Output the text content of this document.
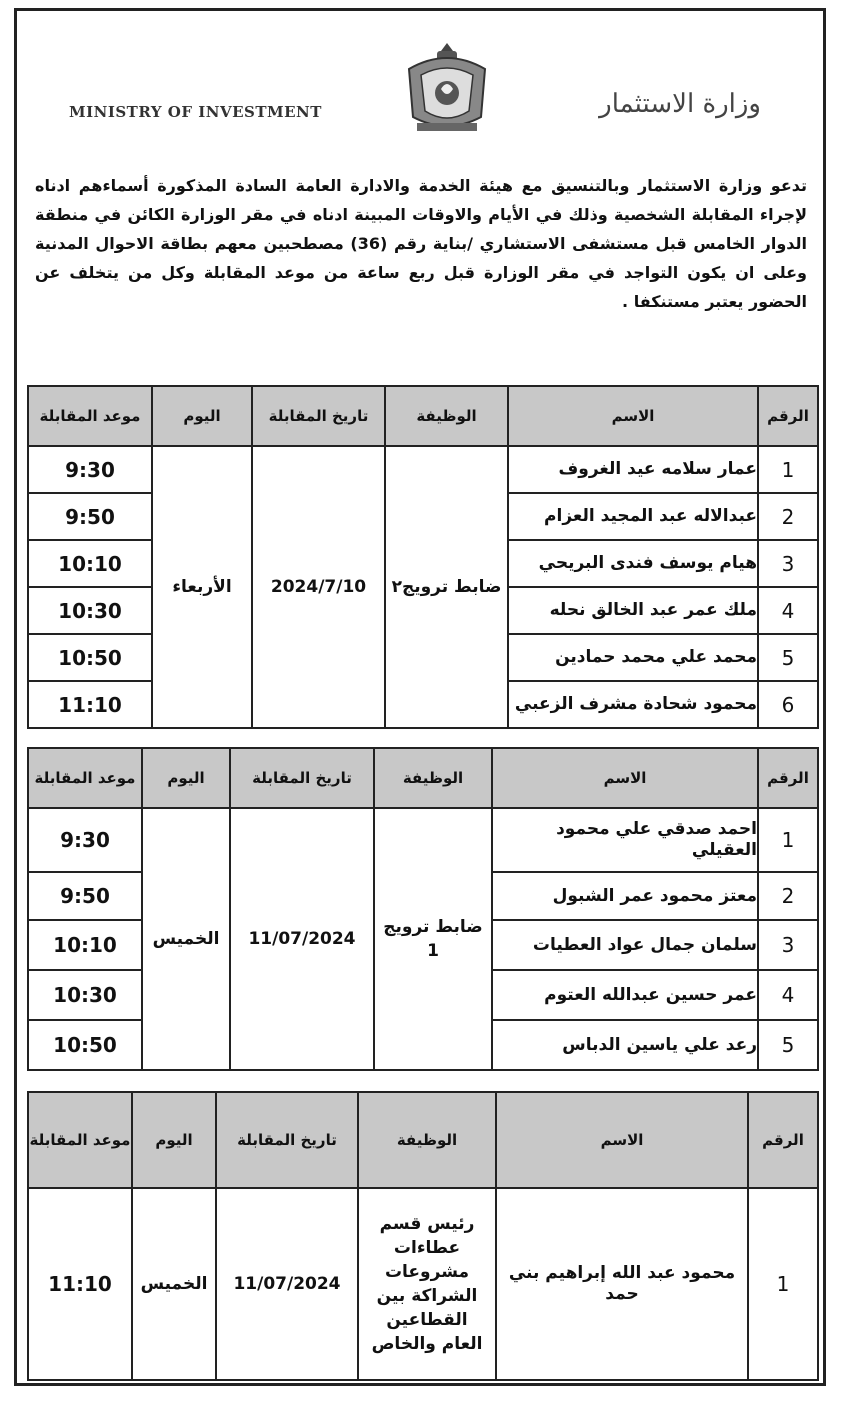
MINISTRY OF INVESTMENT	وزارة الاستثمار

تدعو وزارة الاستثمار وبالتنسيق مع هيئة الخدمة والادارة العامة السادة المذكورة أسماءهم ادناه لإجراء المقابلة الشخصية وذلك في الأيام والاوقات المبينة ادناه في مقر الوزارة الكائن في منطقة الدوار الخامس قبل مستشفى الاستشاري /بناية رقم (36) مصطحبين معهم بطاقة الاحوال المدنية وعلى ان يكون التواجد في مقر الوزارة قبل ربع ساعة من موعد المقابلة وكل من يتخلف عن الحضور يعتبر مستنكفا .

الرقم	الاسم	الوظيفة	تاريخ المقابلة	اليوم	موعد المقابلة
1	عمار سلامه عيد الغروف	ضابط ترويج٢	2024/7/10	الأربعاء	9:30
2	عبدالاله عبد المجيد العزام				9:50
3	هيام يوسف فندى البريحي				10:10
4	ملك عمر عبد الخالق نحله				10:30
5	محمد علي محمد حمادين				10:50
6	محمود شحادة مشرف الزعبي				11:10
الرقم	الاسم	الوظيفة	تاريخ المقابلة	اليوم	موعد المقابلة
1	احمد صدقي علي محمود العقيلي	ضابط ترويج 1	11/07/2024	الخميس	9:30
2	معتز محمود عمر الشبول				9:50
3	سلمان جمال عواد العطيات				10:10
4	عمر حسين عبدالله العتوم				10:30
5	رعد علي ياسين الدباس				10:50
الرقم	الاسم	الوظيفة	تاريخ المقابلة	اليوم	موعد المقابلة
1	محمود عبد الله إبراهيم بني حمد	رئيس قسم عطاءات مشروعات الشراكة بين القطاعين العام والخاص	11/07/2024	الخميس	11:10
